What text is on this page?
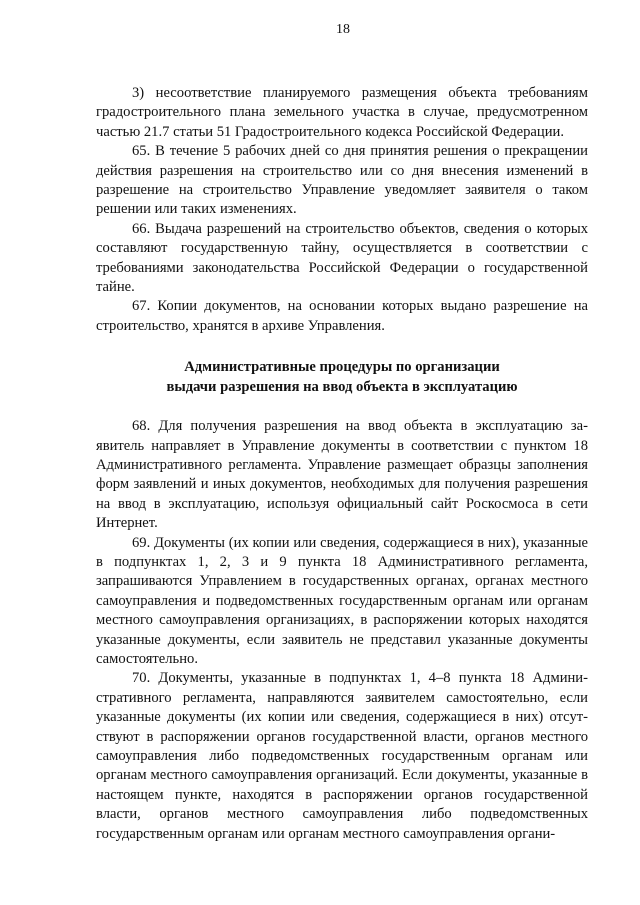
18

3) несоответствие планируемого размещения объекта требованиям градостроительного плана земельного участка в случае, предусмотренном частью 21.7 статьи 51 Градостроительного кодекса Российской Федерации.

65. В течение 5 рабочих дней со дня принятия решения о прекращении действия разрешения на строительство или со дня внесения изменений в разрешение на строительство Управление уведомляет заявителя о таком решении или таких изменениях.

66. Выдача разрешений на строительство объектов, сведения о которых составляют государственную тайну, осуществляется в соответствии с требованиями законодательства Российской Федерации о государственной тайне.

67. Копии документов, на основании которых выдано разрешение на строительство, хранятся в архиве Управления.

Административные процедуры по организации
выдачи разрешения на ввод объекта в эксплуатацию

68. Для получения разрешения на ввод объекта в эксплуатацию заявитель направляет в Управление документы в соответствии с пунктом 18 Административного регламента. Управление размещает образцы заполнения форм заявлений и иных документов, необходимых для получения разрешения на ввод в эксплуатацию, используя официальный сайт Роскосмоса в сети Интернет.

69. Документы (их копии или сведения, содержащиеся в них), указанные в подпунктах 1, 2, 3 и 9 пункта 18 Административного регламента, запрашиваются Управлением в государственных органах, органах местного самоуправления и подведомственных государственным органам или органам местного самоуправления организациях, в распоряжении которых находятся указанные документы, если заявитель не представил указанные документы самостоятельно.

70. Документы, указанные в подпунктах 1, 4–8 пункта 18 Административного регламента, направляются заявителем самостоятельно, если указанные документы (их копии или сведения, содержащиеся в них) отсутствуют в распоряжении органов государственной власти, органов местного самоуправления либо подведомственных государственным органам или органам местного самоуправления организаций. Если документы, указанные в настоящем пункте, находятся в распоряжении органов государственной власти, органов местного самоуправления либо подведомственных государственным органам или органам местного самоуправления органи-
